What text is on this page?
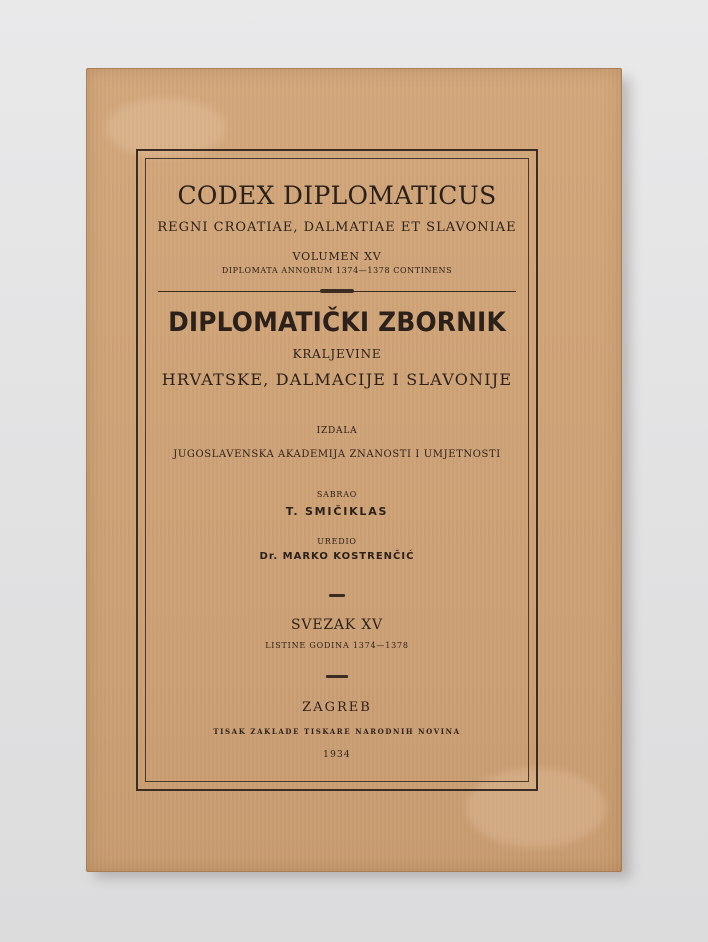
CODEX DIPLOMATICUS
REGNI CROATIAE, DALMATIAE ET SLAVONIAE
VOLUMEN XV
DIPLOMATA ANNORUM 1374—1378 CONTINENS
DIPLOMATIČKI ZBORNIK
KRALJEVINE
HRVATSKE, DALMACIJE I SLAVONIJE
IZDALA
JUGOSLAVENSKA AKADEMIJA ZNANOSTI I UMJETNOSTI
SABRAO
T. SMIČIKLAS
UREDIO
Dr. MARKO KOSTRENČIĆ
SVEZAK XV
LISTINE GODINA 1374—1378
ZAGREB
TISAK ZAKLADE TISKARE NARODNIH NOVINA
1934
